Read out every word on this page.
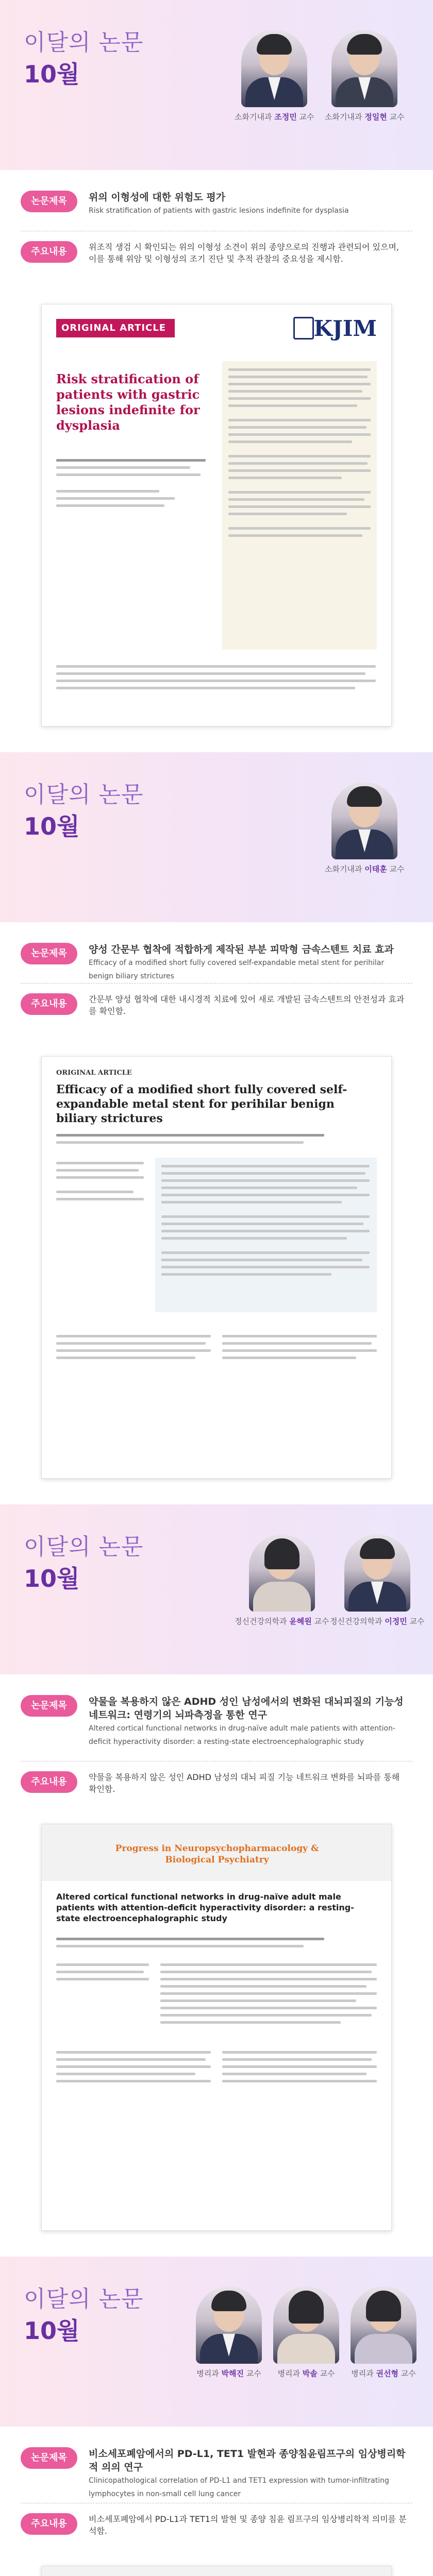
이달의 논문
10월
소화기내과 조정민 교수 소화기내과 정일현 교수
논문제목	위의 이형성에 대한 위험도 평가
Risk stratification of patients with gastric lesions indefinite for dysplasia
주요내용	위조직 생검 시 확인되는 위의 이형성 소견이 위의 종양으로의 진행과 관련되어 있으며, 이를 통해 위암 및 이형성의 조기 진단 및 추적 관찰의 중요성을 제시함.
ORIGINAL ARTICLE	KJIM
Risk stratification of patients with gastric lesions indefinite for dysplasia
이달의 논문
10월
소화기내과 이태훈 교수
논문제목	양성 간문부 협착에 적합하게 제작된 부분 피막형 금속스텐트 치료 효과
Efficacy of a modified short fully covered self-expandable metal stent for perihilar benign biliary strictures
주요내용	간문부 양성 협착에 대한 내시경적 치료에 있어 새로 개발된 금속스텐트의 안전성과 효과를 확인함.
ORIGINAL ARTICLE
Efficacy of a modified short fully covered self-expandable metal stent for perihilar benign biliary strictures
이달의 논문
10월
정신건강의학과 윤혜원 교수 정신건강의학과 이정민 교수
논문제목	약물을 복용하지 않은 ADHD 성인 남성에서의 변화된 대뇌피질의 기능성 네트워크: 연령기의 뇌파측정을 통한 연구
Altered cortical functional networks in drug-naïve adult male patients with attention-deficit hyperactivity disorder: a resting-state electroencephalographic study
주요내용	약물을 복용하지 않은 성인 ADHD 남성의 대뇌 피질 기능 네트워크 변화를 뇌파를 통해 확인함.
Progress in Neuropsychopharmacology & Biological Psychiatry
Altered cortical functional networks in drug-naïve adult male patients with attention-deficit hyperactivity disorder: a resting-state electroencephalographic study
이달의 논문
10월
병리과 박해진 교수	병리과 박솔 교수	병리과 권선형 교수
논문제목	비소세포폐암에서의 PD-L1, TET1 발현과 종양침윤림프구의 임상병리학적 의의 연구
Clinicopathological correlation of PD-L1 and TET1 expression with tumor-infiltrating lymphocytes in non-small cell lung cancer
주요내용	비소세포폐암에서 PD-L1과 TET1의 발현 및 종양 침윤 림프구의 임상병리학적 의미를 분석함.
